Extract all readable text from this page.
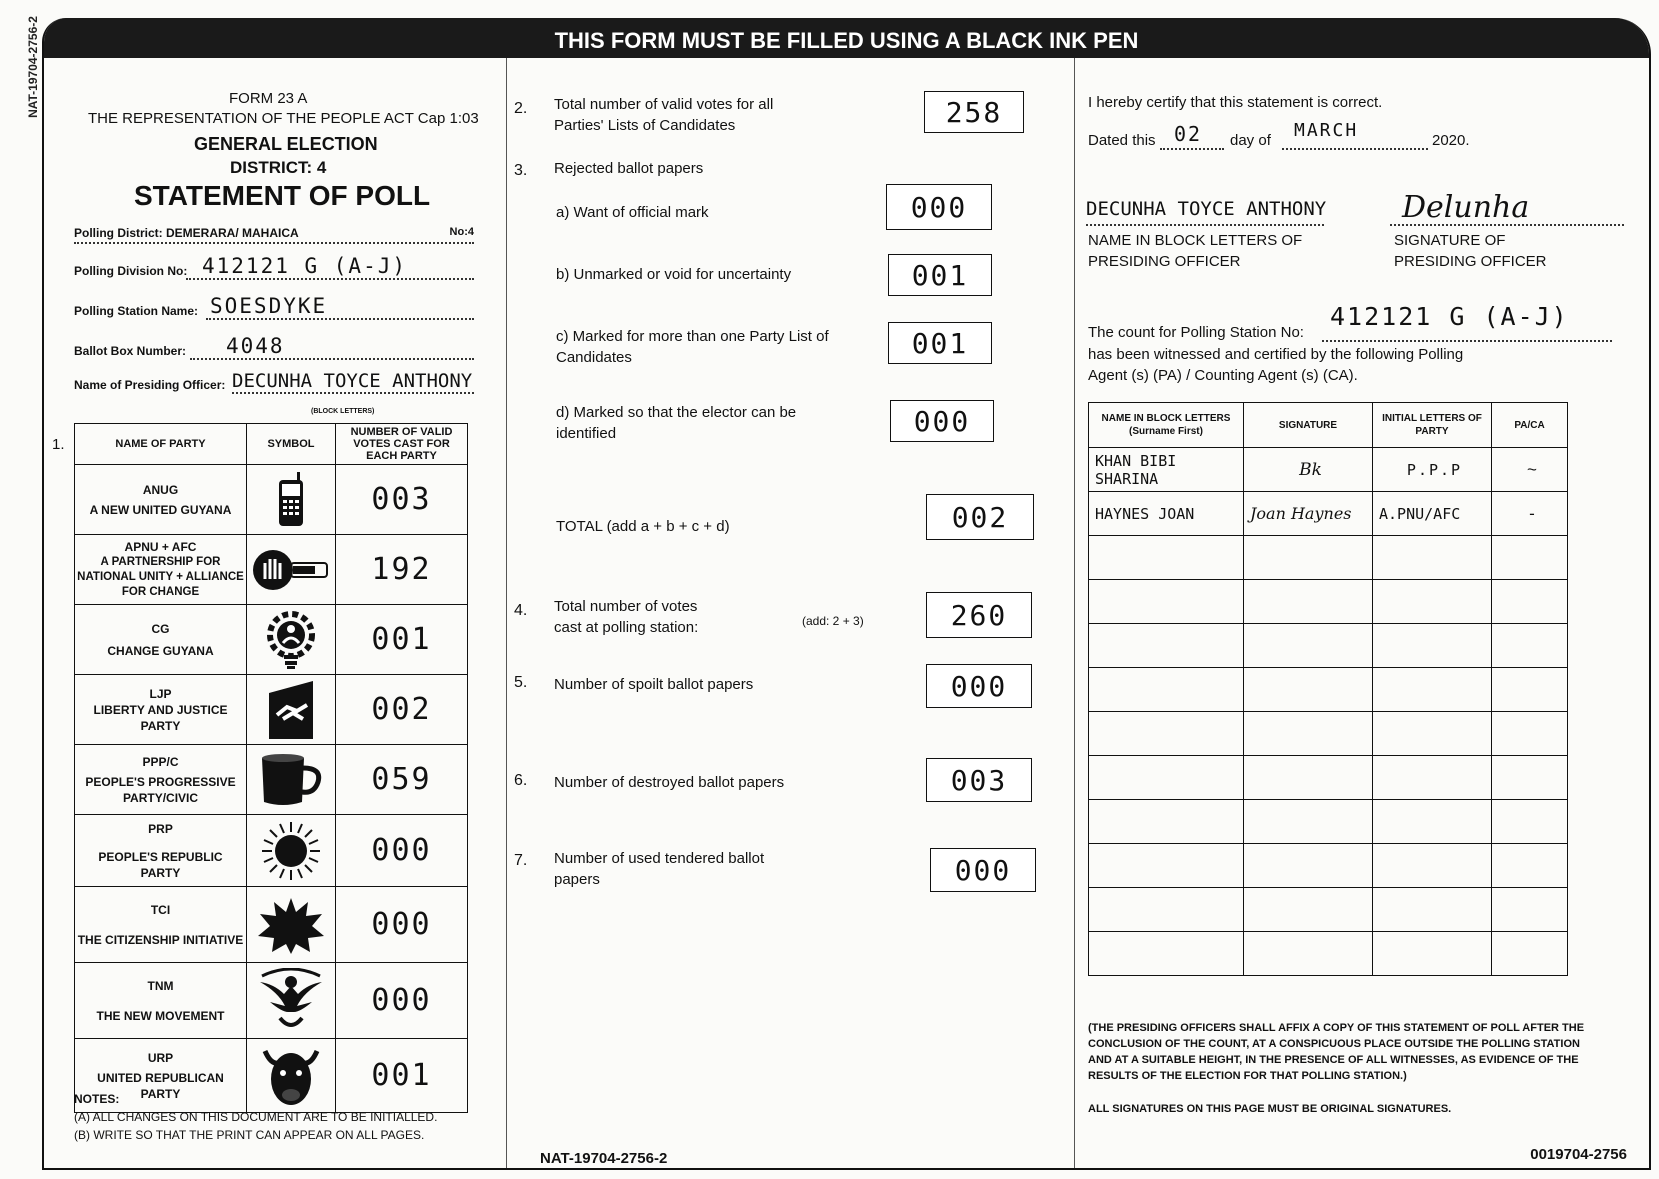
NAT-19704-2756-2	THIS FORM MUST BE FILLED USING A BLACK INK PEN
FORM 23 A
THE REPRESENTATION OF THE PEOPLE ACT Cap 1:03
GENERAL ELECTION
DISTRICT: 4
STATEMENT OF POLL
Polling District: DEMERARA/ MAHAICA	No:4
Polling Division No: 412121 G (A-J)
Polling Station Name: SOESDYKE
Ballot Box Number: 4048
Name of Presiding Officer: DECUNHA TOYCE ANTHONY
(BLOCK LETTERS)
1.	NAME OF PARTY	SYMBOL	NUMBER OF VALID VOTES CAST FOR EACH PARTY

ANUG
A NEW UNITED GUYANA		003

APNU + AFC
A PARTNERSHIP FOR NATIONAL UNITY + ALLIANCE FOR CHANGE		192

CG
CHANGE GUYANA		001

LJP
LIBERTY AND JUSTICE PARTY		002

PPP/C
PEOPLE'S PROGRESSIVE PARTY/CIVIC		059

PRP
PEOPLE'S REPUBLIC PARTY		000

TCI
THE CITIZENSHIP INITIATIVE		000

TNM
THE NEW MOVEMENT		000

URP
UNITED REPUBLICAN PARTY		001
NOTES:
(A) ALL CHANGES ON THIS DOCUMENT ARE TO BE INITIALLED.
(B) WRITE SO THAT THE PRINT CAN APPEAR ON ALL PAGES.
2. Total number of valid votes for all
Parties' Lists of Candidates	258
3. Rejected ballot papers
a) Want of official mark	000
b) Unmarked or void for uncertainty	001
c) Marked for more than one Party List of
Candidates	001
d) Marked so that the elector can be
identified	000
TOTAL (add a + b + c + d)	002
4. Total number of votes
cast at polling station:	(add: 2 + 3)	260
5. Number of spoilt ballot papers	000
6. Number of destroyed ballot papers	003
7. Number of used tendered ballot
papers	000
NAT-19704-2756-2
I hereby certify that this statement is correct.
Dated this 02 day of MARCH	2020.
DECUNHA TOYCE ANTHONY	Delunha
NAME IN BLOCK LETTERS OF
PRESIDING OFFICER
SIGNATURE OF
PRESIDING OFFICER
The count for Polling Station No:
412121 G (A-J)
has been witnessed and certified by the following Polling
Agent (s) (PA) / Counting Agent (s) (CA).
NAME IN BLOCK LETTERS (Surname First)	SIGNATURE	INITIAL LETTERS OF PARTY	PA/CA
KHAN BIBI SHARINA	Bk	P.P.P	~
HAYNES JOAN	Joan Haynes	A.PNU/AFC	-

(THE PRESIDING OFFICERS SHALL AFFIX A COPY OF THIS STATEMENT OF POLL AFTER THE CONCLUSION OF THE COUNT, AT A CONSPICUOUS PLACE OUTSIDE THE POLLING STATION AND AT A SUITABLE HEIGHT, IN THE PRESENCE OF ALL WITNESSES, AS EVIDENCE OF THE RESULTS OF THE ELECTION FOR THAT POLLING STATION.)
ALL SIGNATURES ON THIS PAGE MUST BE ORIGINAL SIGNATURES.
0019704-2756
